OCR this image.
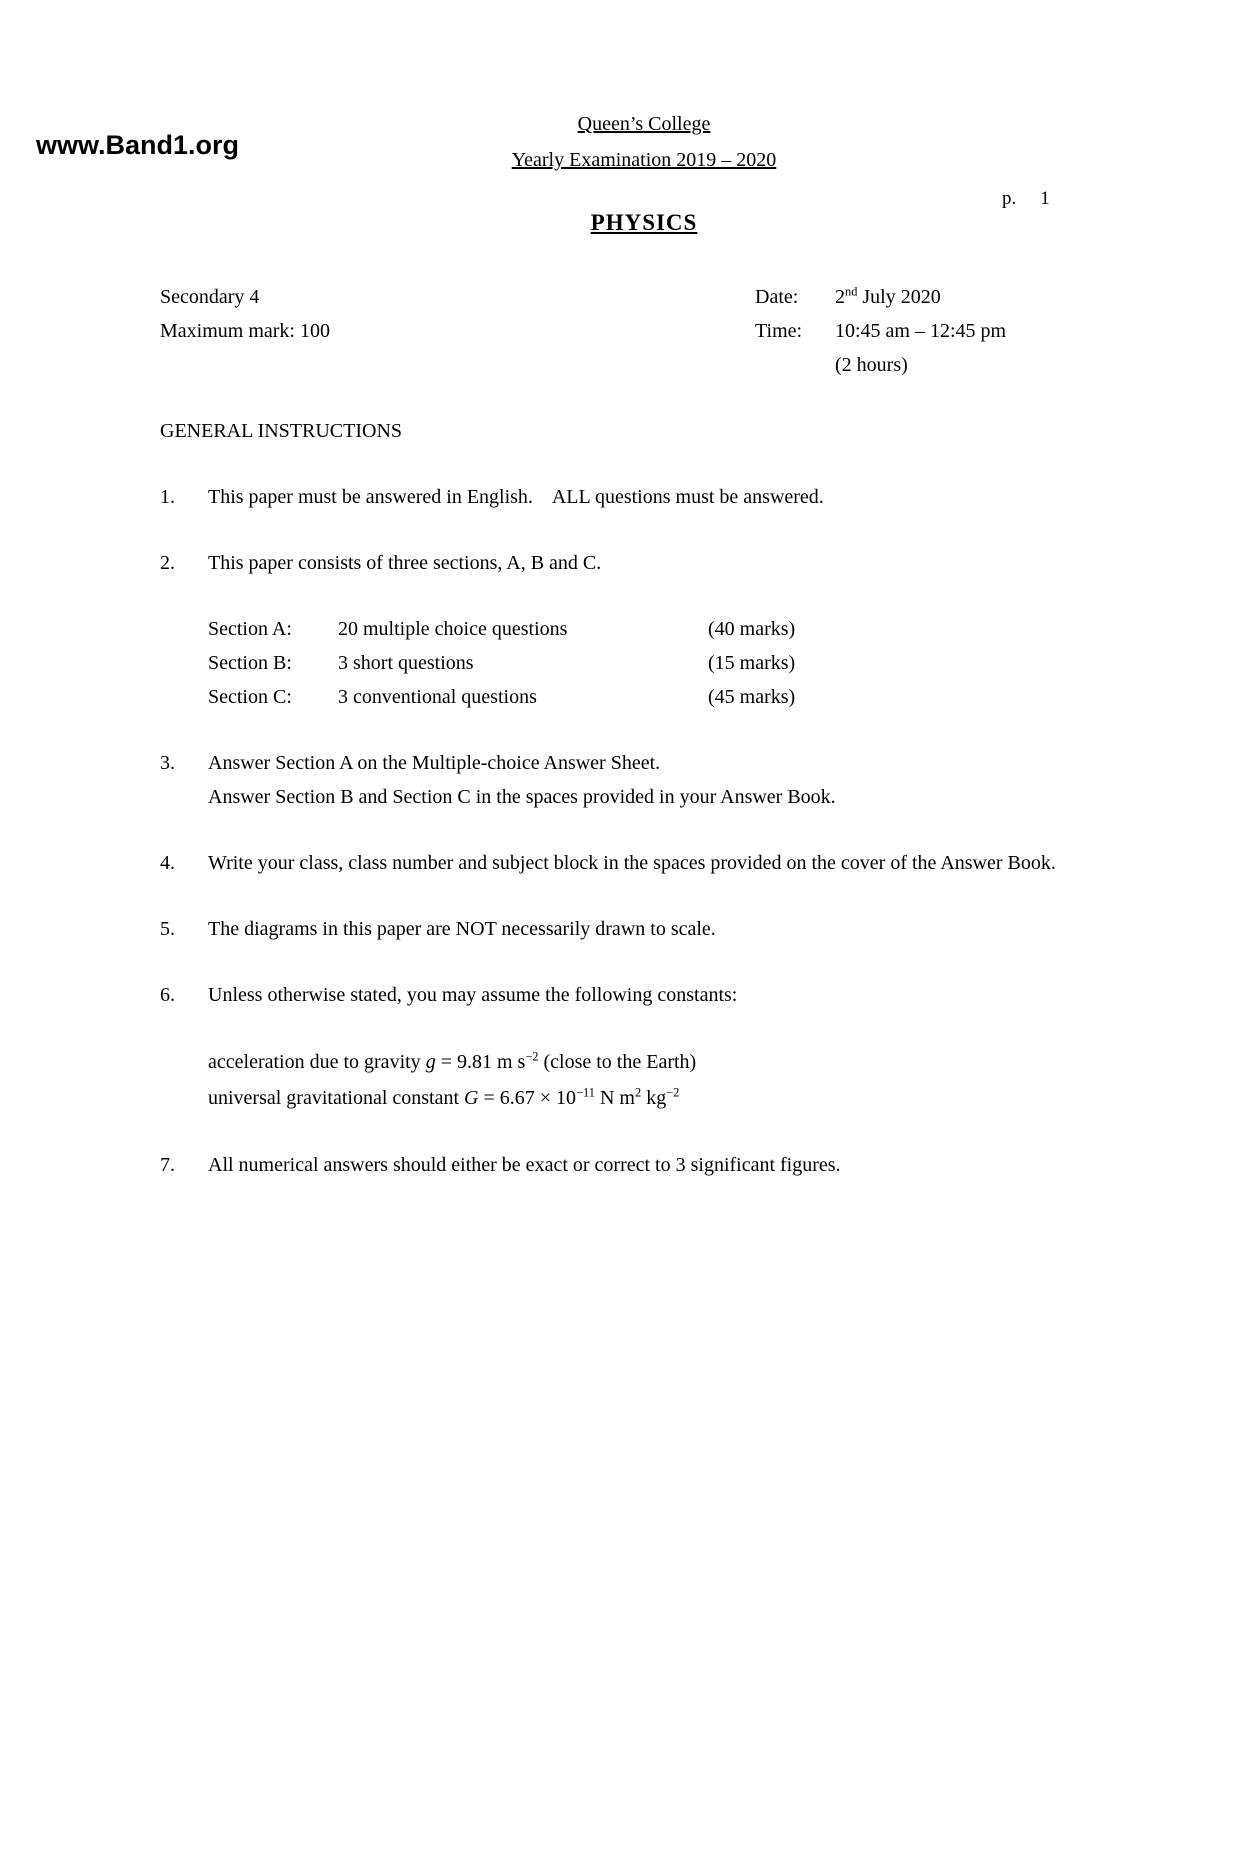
www.Band1.org
p. 1
Queen’s College
Yearly Examination 2019 – 2020
PHYSICS
Secondary 4
Maximum mark: 100
Date:	2nd July 2020
Time:	10:45 am – 12:45 pm
(2 hours)
GENERAL INSTRUCTIONS
1.	This paper must be answered in English.    ALL questions must be answered.
2.	This paper consists of three sections, A, B and C.
Section A:	20 multiple choice questions	(40 marks)
Section B:	3 short questions	(15 marks)
Section C:	3 conventional questions	(45 marks)
3.	Answer Section A on the Multiple-choice Answer Sheet.
Answer Section B and Section C in the spaces provided in your Answer Book.
4.	Write your class, class number and subject block in the spaces provided on the cover of the Answer Book.
5.	The diagrams in this paper are NOT necessarily drawn to scale.
6.	Unless otherwise stated, you may assume the following constants:
acceleration due to gravity g = 9.81 m $s^{-2}$ (close to the Earth)
universal gravitational constant $G = 6.67 \times 10^{-11}$ N $m^2$ $kg^{-2}$
7.	All numerical answers should either be exact or correct to 3 significant figures.
